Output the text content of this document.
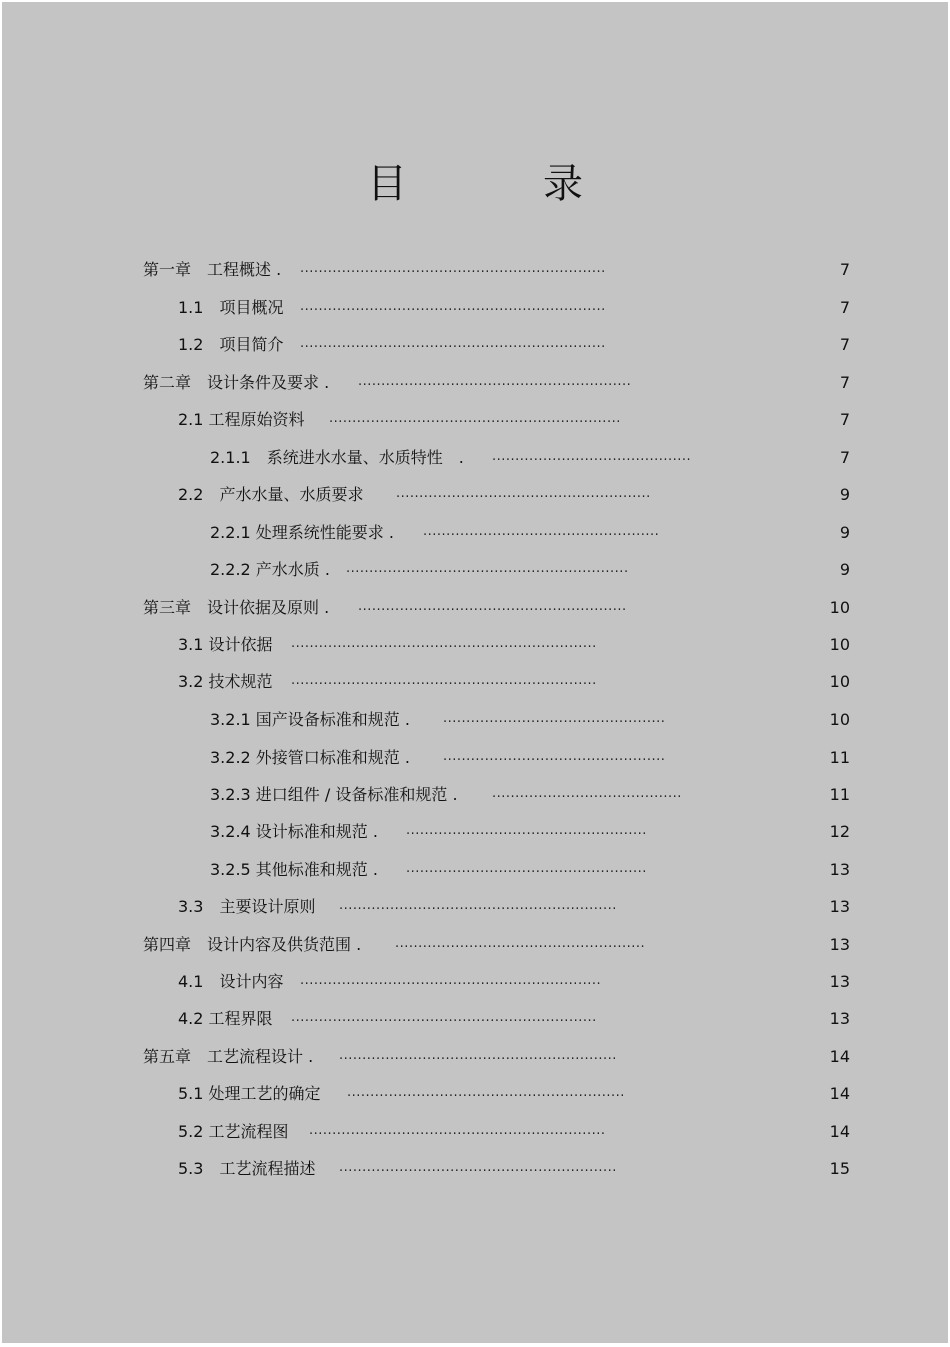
目　录
第一章　工程概述 . ..................................................................	7
1.1　项目概况 ..................................................................	7
1.2　项目简介 ..................................................................	7
第二章　设计条件及要求 . ...........................................................	7
2.1 工程原始资料 ...............................................................	7
2.1.1　系统进水水量、水质特性　. ...........................................	7
2.2　产水水量、水质要求	.......................................................	9
2.2.1 处理系统性能要求 . ...................................................	9
2.2.2 产水水质 . .............................................................	9
第三章　设计依据及原则 . ..........................................................	10
3.1 设计依据 ..................................................................	10
3.2 技术规范 ..................................................................	10
3.2.1 国产设备标准和规范 .	................................................	10
3.2.2 外接管口标准和规范 .	................................................	11
3.2.3 进口组件 / 设备标准和规范 .	.........................................	11
3.2.4 设计标准和规范 . ....................................................	12
3.2.5 其他标准和规范 . ....................................................	13
3.3　主要设计原则 ............................................................	13
第四章　设计内容及供货范围 .	......................................................	13
4.1　设计内容 .................................................................	13
4.2 工程界限 ..................................................................	13
第五章　工艺流程设计 . ............................................................	14
5.1 处理工艺的确定 ............................................................	14
5.2 工艺流程图 ................................................................	14
5.3　工艺流程描述 ............................................................	15
